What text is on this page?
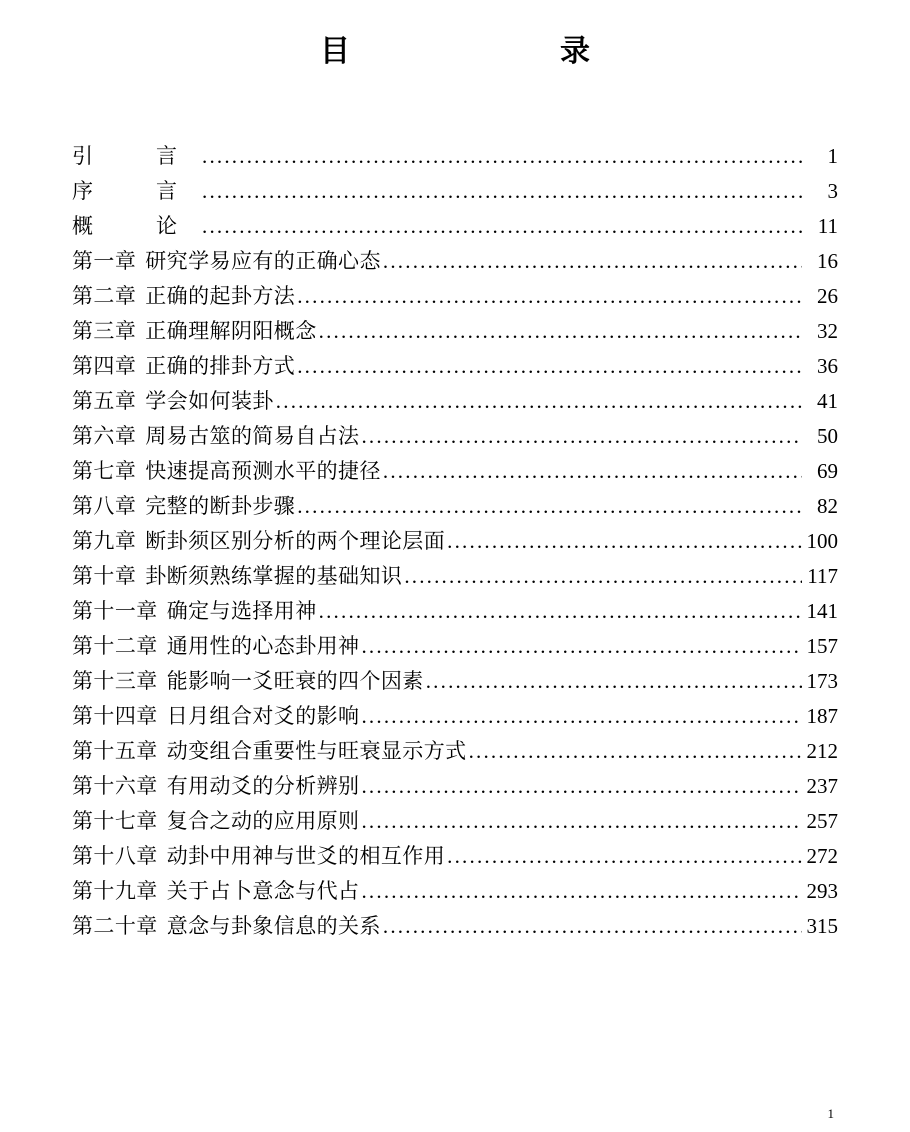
目　　　　录
引	言 .....	1
序	言 .....	3
概	论 .....	11
第一章 研究学易应有的正确心态 .....	16
第二章 正确的起卦方法 .....	26
第三章 正确理解阴阳概念 .....	32
第四章 正确的排卦方式 .....	36
第五章 学会如何装卦 .....	41
第六章 周易古筮的简易自占法 .....	50
第七章 快速提高预测水平的捷径 .....	69
第八章 完整的断卦步骤 .....	82
第九章 断卦须区别分析的两个理论层面 .....	100
第十章 卦断须熟练掌握的基础知识 .....	117
第十一章 确定与选择用神 .....	141
第十二章 通用性的心态卦用神 .....	157
第十三章 能影响一爻旺衰的四个因素 .....	173
第十四章 日月组合对爻的影响 .....	187
第十五章 动变组合重要性与旺衰显示方式 .....	212
第十六章 有用动爻的分析辨别 .....	237
第十七章 复合之动的应用原则 .....	257
第十八章 动卦中用神与世爻的相互作用 .....	272
第十九章 关于占卜意念与代占 .....	293
第二十章 意念与卦象信息的关系 .....	315
1
